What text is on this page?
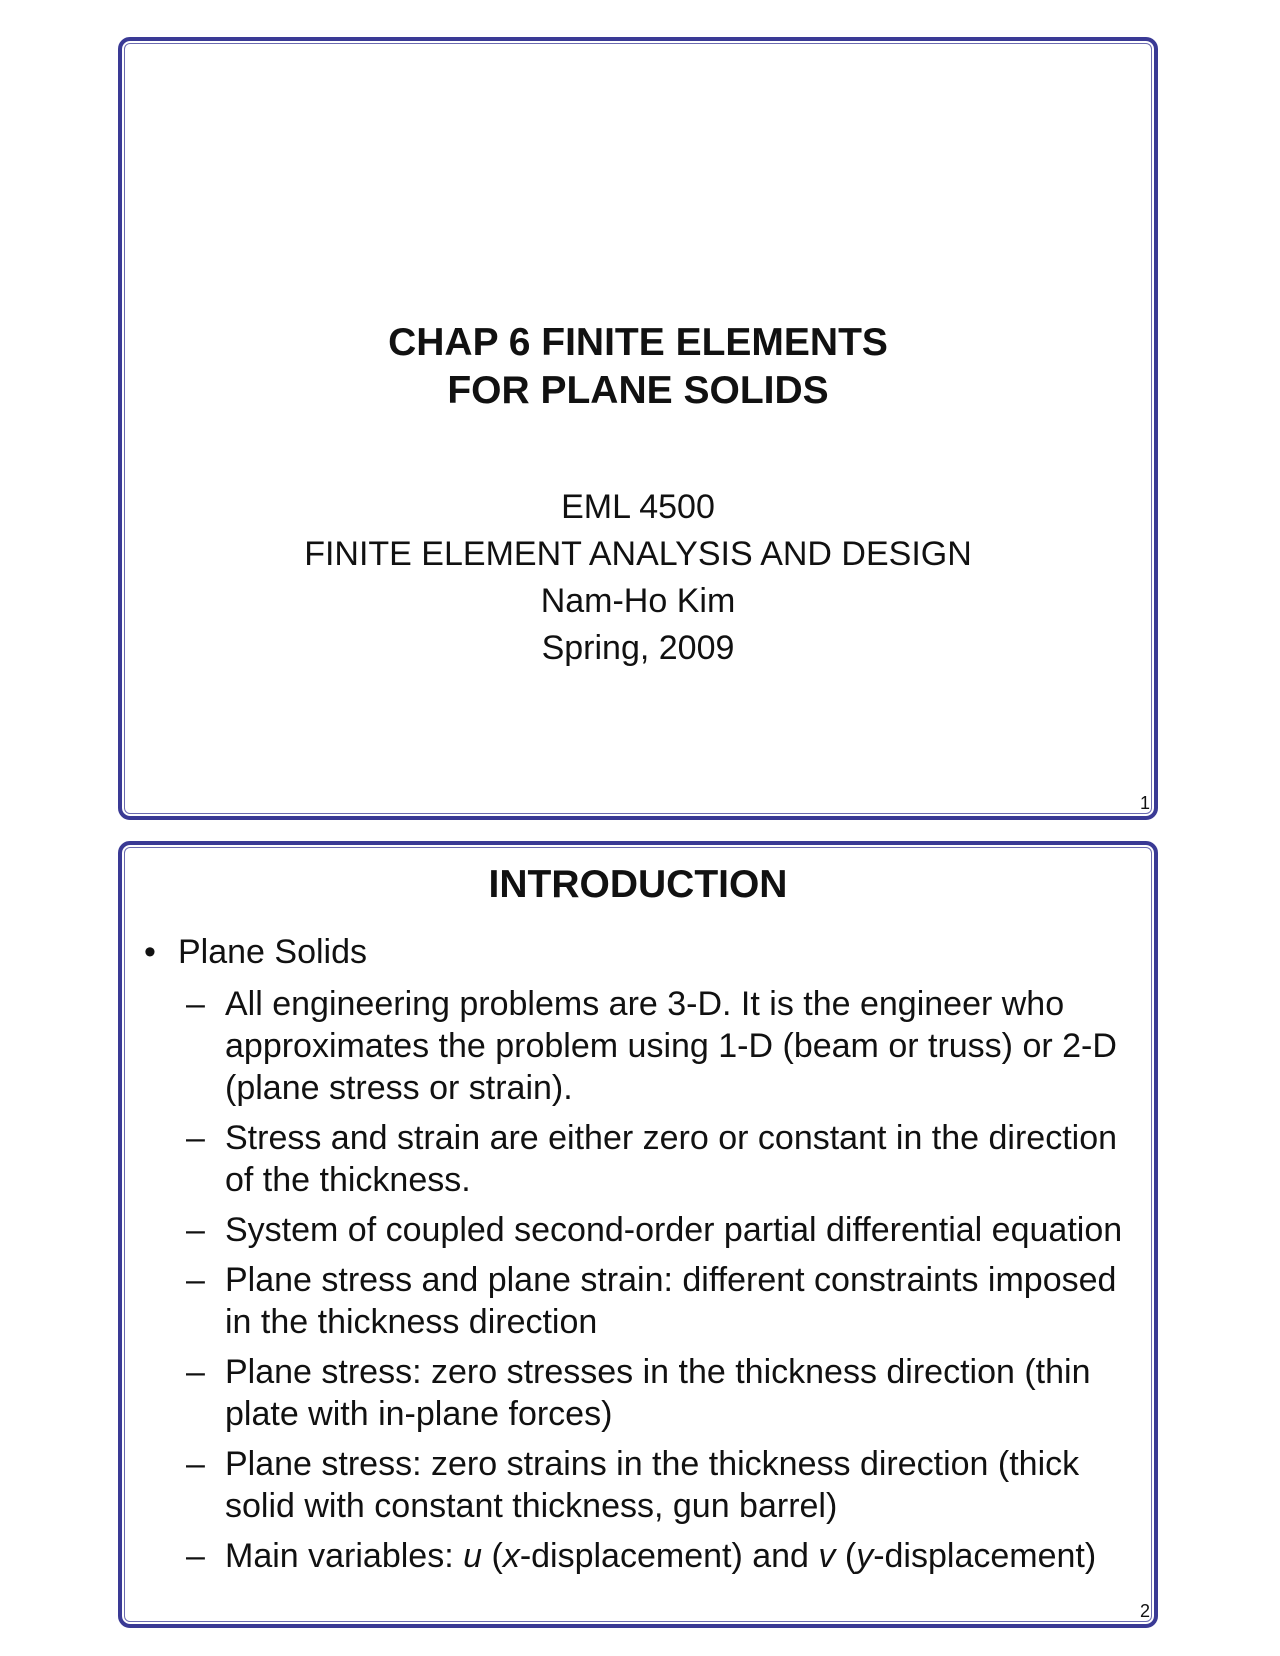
CHAP 6 FINITE ELEMENTS
FOR PLANE SOLIDS
EML 4500
FINITE ELEMENT ANALYSIS AND DESIGN
Nam-Ho Kim
Spring, 2009
1
INTRODUCTION
• Plane Solids
– All engineering problems are 3-D. It is the engineer who approximates the problem using 1-D (beam or truss) or 2-D (plane stress or strain).
– Stress and strain are either zero or constant in the direction of the thickness.
– System of coupled second-order partial differential equation
– Plane stress and plane strain: different constraints imposed in the thickness direction
– Plane stress: zero stresses in the thickness direction (thin plate with in-plane forces)
– Plane stress: zero strains in the thickness direction (thick solid with constant thickness, gun barrel)
– Main variables: u (x-displacement) and v (y-displacement)
2
